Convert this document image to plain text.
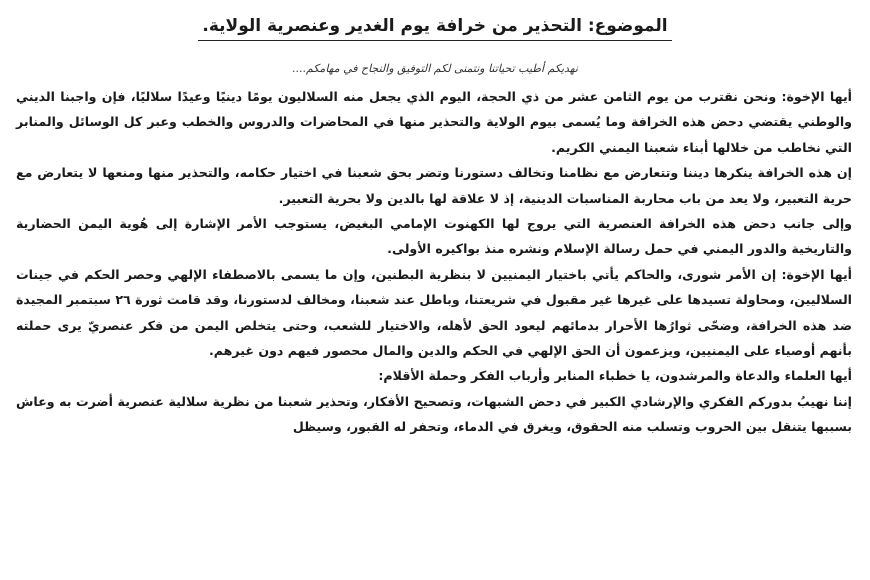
الموضوع: التحذير من خرافة يوم الغدير وعنصرية الولاية.
نهديكم أطيب تحياتنا ونتمنى لكم التوفيق والنجاح في مهامكم....

أيها الإخوة: ونحن نقترب من يوم الثامن عشر من ذي الحجة، اليوم الذي يجعل منه السلاليون يومًا دينيًا وعيدًا سلاليًا، فإن واجبنا الديني والوطني يقتضي دحض هذه الخرافة وما يُسمى بيوم الولاية والتحذير منها في المحاضرات والدروس والخطب وعبر كل الوسائل والمنابر التي نخاطب من خلالها أبناء شعبنا اليمني الكريم.

إن هذه الخرافة ينكرها ديننا وتتعارض مع نظامنا وتخالف دستورنا وتضر بحق شعبنا في اختيار حكامه، والتحذير منها ومنعها لا يتعارض مع حرية التعبير، ولا يعد من باب محاربة المناسبات الدينية، إذ لا علاقة لها بالدين ولا بحرية التعبير.

وإلى جانب دحض هذه الخرافة العنصرية التي يروج لها الكهنوت الإمامي البغيض، يستوجب الأمر الإشارة إلى هُوية اليمن الحضارية والتاريخية والدور اليمني في حمل رسالة الإسلام ونشره منذ بواكيره الأولى.

أيها الإخوة: إن الأمر شورى، والحاكم يأتي باختيار اليمنيين لا بنظرية البطنين، وإن ما يسمى بالاصطفاء الإلهي وحصر الحكم في جينات السلاليين، ومحاولة تسيدها على غيرها غير مقبول في شريعتنا، وباطل عند شعبنا، ومخالف لدستورنا، وقد قامت ثورة ٢٦ سبتمبر المجيدة ضد هذه الخرافة، وضحّى ثوارُها الأحرار بدمائهم ليعود الحق لأهله، والاختيار للشعب، وحتى يتخلص اليمن من فكر عنصريّ يرى حملته بأنهم أوصياء على اليمنيين، ويزعمون أن الحق الإلهي في الحكم والدين والمال محصور فيهم دون غيرهم.

أيها العلماء والدعاة والمرشدون، يا خطباء المنابر وأرباب الفكر وحملة الأقلام:

إننا نهيبُ بدوركم الفكري والإرشادي الكبير في دحض الشبهات، وتصحيح الأفكار، وتحذير شعبنا من نظرية سلالية عنصرية أضرت به وعاش بسببها يتنقل بين الحروب وتسلب منه الحقوق، ويغرق في الدماء، وتحفر له القبور، وسيظل
